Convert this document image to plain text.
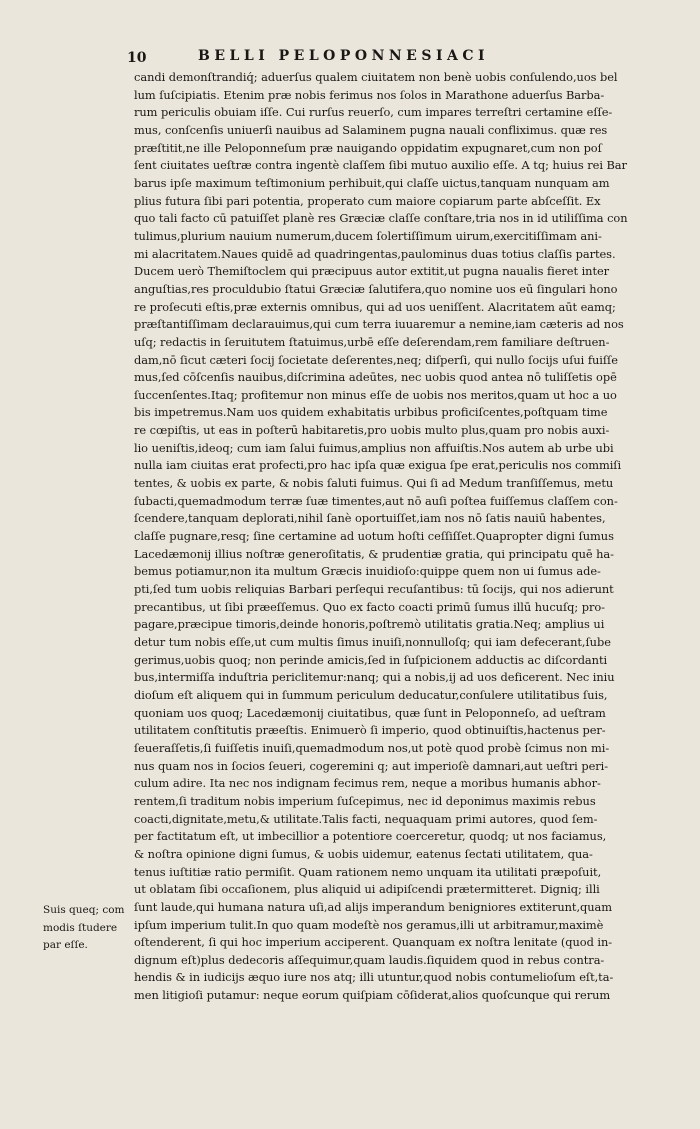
10	BELLI PELOPONNESIACI
candi demonſtrandiq́; aduerſus qualem ciuitatem non benè uobis conſulendo,uos bel
lum ſuſcipiatis. Etenim præ nobis ferimus nos ſolos in Marathone aduerſus Barba-
rum periculis obuiam iſſe. Cui rurſus reuerſo, cum impares terreſtri certamine eſſe-
mus, conſcenſis uniuerſi nauibus ad Salaminem pugna nauali confliximus. quæ res
præſtitit,ne ille Peloponneſum præ nauigando oppidatim expugnaret,cum non poſ
ſent ciuitates ueſtræ contra ingentè claſſem ſibi mutuo auxilio eſſe. A tq; huius rei Bar
barus ipſe maximum teſtimonium perhibuit,qui claſſe uictus,tanquam nunquam am
plius futura ſibi pari potentia, properato cum maiore copiarum parte abſceſſit. Ex
quo tali facto cū patuiſſet planè res Græciæ claſſe conſtare,tria nos in id utiliſſima con
tulimus,plurium nauium numerum,ducem ſolertiſſimum uirum,exercitiſſimam ani-
mi alacritatem.Naues quidē ad quadringentas,paulominus duas totius claſſis partes.
Ducem uerò Themiſtoclem qui præcipuus autor extitit,ut pugna naualis fieret inter
anguſtias,res proculdubio ſtatui Græciæ ſalutifera,quo nomine uos eū ſingulari hono
re proſecuti eſtis,præ externis omnibus, qui ad uos ueniſſent. Alacritatem aūt eamq;
præſtantiſſimam declarauimus,qui cum terra iuuaremur a nemine,iam cæteris ad nos
uſq; redactis in ſeruitutem ſtatuimus,urbē eſſe deſerendam,rem familiare deſtruen-
dam,nō ſicut cæteri ſocij ſocietate deſerentes,neq; diſperſi, qui nullo ſocijs uſui fuiſſe
mus,ſed cōſcenſis nauibus,diſcrimina adeūtes, nec uobis quod antea nō tuliſſetis opē
ſuccenſentes.Itaq; profitemur non minus eſſe de uobis nos meritos,quam ut hoc a uo
bis impetremus.Nam uos quidem exhabitatis urbibus proficiſcentes,poſtquam time
re cœpiſtis, ut eas in poſterū habitaretis,pro uobis multo plus,quam pro nobis auxi-
lio ueniſtis,ideoq; cum iam ſalui fuimus,amplius non affuiſtis.Nos autem ab urbe ubi
nulla iam ciuitas erat profecti,pro hac ipſa quæ exigua ſpe erat,periculis nos commiſi
tentes, & uobis ex parte, & nobis ſaluti fuimus. Qui ſi ad Medum tranſiſſemus, metu
ſubacti,quemadmodum terræ ſuæ timentes,aut nō auſi poſtea fuiſſemus claſſem con-
ſcendere,tanquam deplorati,nihil ſanè oportuiſſet,iam nos nō ſatis nauiū habentes,
claſſe pugnare,resq; ſine certamine ad uotum hoſti ceſſiſſet.Quapropter digni ſumus
Lacedæmonij illius noſtræ generoſitatis, & prudentiæ gratia, qui principatu quē ha-
bemus potiamur,non ita multum Græcis inuidioſo:quippe quem non ui ſumus ade-
pti,ſed tum uobis reliquias Barbari perſequi recuſantibus: tū ſocijs, qui nos adierunt
precantibus, ut ſibi præeſſemus. Quo ex facto coacti primū ſumus illū hucuſq; pro-
pagare,præcipue timoris,deinde honoris,poſtremò utilitatis gratia.Neq; amplius ui
detur tum nobis eſſe,ut cum multis ſimus inuiſi,nonnulloſq; qui iam defecerant,ſube
gerimus,uobis quoq; non perinde amicis,ſed in ſuſpicionem adductis ac diſcordanti
bus,intermiſſa induſtria periclitemur:nanq; qui a nobis,ij ad uos deficerent. Nec iniu
dioſum eſt aliquem qui in ſummum periculum deducatur,conſulere utilitatibus ſuis,
quoniam uos quoq; Lacedæmonij ciuitatibus, quæ ſunt in Peloponneſo, ad ueſtram
utilitatem conſtitutis præeſtis. Enimuerò ſi imperio, quod obtinuiſtis,hactenus per-
ſeueraſſetis,ſi fuiſſetis inuiſi,quemadmodum nos,ut potè quod probè ſcimus non mi-
nus quam nos in ſocios ſeueri, cogeremini q; aut imperioſè damnari,aut ueſtri peri-
culum adire. Ita nec nos indignam fecimus rem, neque a moribus humanis abhor-
rentem,ſi traditum nobis imperium ſuſcepimus, nec id deponimus maximis rebus
coacti,dignitate,metu,& utilitate.Talis facti, nequaquam primi autores, quod ſem-
per factitatum eſt, ut imbecillior a potentiore coerceretur, quodq; ut nos faciamus,
& noſtra opinione digni ſumus, & uobis uidemur, eatenus ſectati utilitatem, qua-
tenus iuſtitiæ ratio permiſit. Quam rationem nemo unquam ita utilitati præpoſuit,
ut oblatam ſibi occaſionem, plus aliquid ui adipiſcendi prætermitteret. Digniq; illi
ſunt laude,qui humana natura uſi,ad alijs imperandum benigniores extiterunt,quam
ipſum imperium tulit.In quo quam modeſtè nos geramus,illi ut arbitramur,maximè
oſtenderent, ſi qui hoc imperium acciperent. Quanquam ex noſtra lenitate (quod in-
dignum eſt)plus dedecoris aſſequimur,quam laudis.ſiquidem quod in rebus contra-
hendis & in iudicijs æquo iure nos atq; illi utuntur,quod nobis contumelioſum eſt,ta-
men litigioſi putamur: neque eorum quiſpiam cōſiderat,alios quoſcunque qui rerum
Suis queq; com
modis ſtudere
par eſſe.
